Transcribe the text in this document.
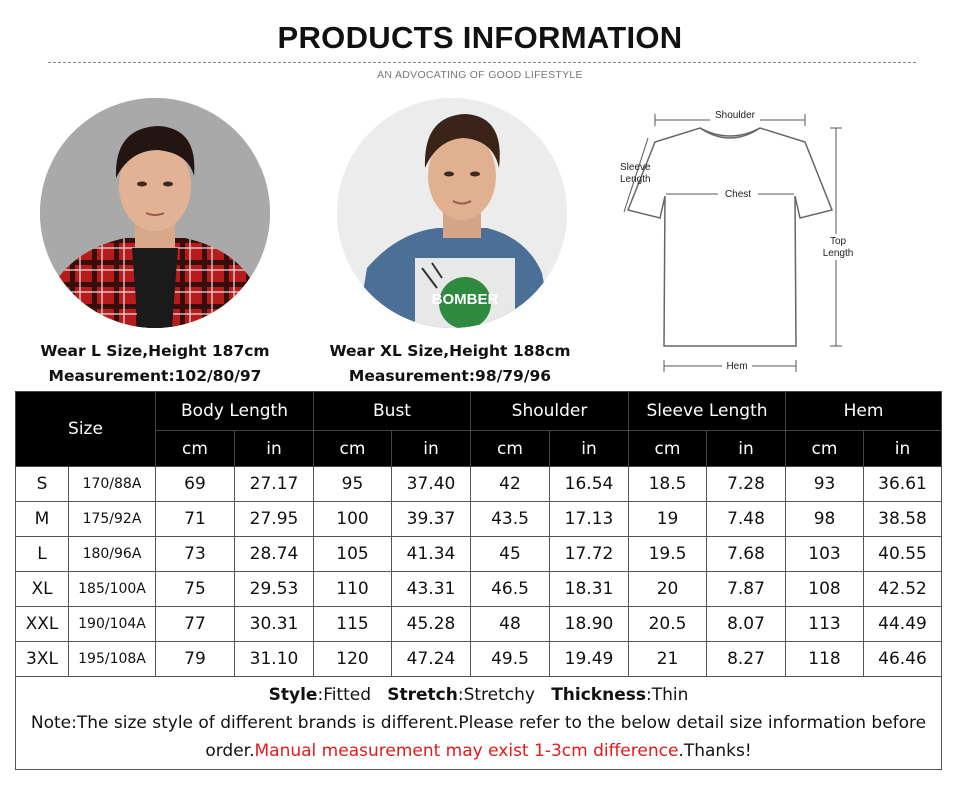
PRODUCTS INFORMATION
AN ADVOCATING OF GOOD LIFESTYLE
BOMBER
Wear L Size,Height 187cm
Measurement:102/80/97
Wear XL Size,Height 188cm
Measurement:98/79/96
Shoulder
Chest
Sleeve
Length
Top
Length
Hem
Size		Body Length		Bust		Shoulder		Sleeve Length		Hem	
		cm	in	cm	in	cm	in	cm	in	cm	in
S	170/88A	69	27.17	95	37.40	42	16.54	18.5	7.28	93	36.61
M	175/92A	71	27.95	100	39.37	43.5	17.13	19	7.48	98	38.58
L	180/96A	73	28.74	105	41.34	45	17.72	19.5	7.68	103	40.55
XL	185/100A	75	29.53	110	43.31	46.5	18.31	20	7.87	108	42.52
XXL	190/104A	77	30.31	115	45.28	48	18.90	20.5	8.07	113	44.49
3XL	195/108A	79	31.10	120	47.24	49.5	19.49	21	8.27	118	46.46

Style:Fitted Stretch:Stretchy Thickness:Thin
Note:The size style of different brands is different.Please refer to the below detail size information before order.Manual measurement may exist 1-3cm difference.Thanks!											
